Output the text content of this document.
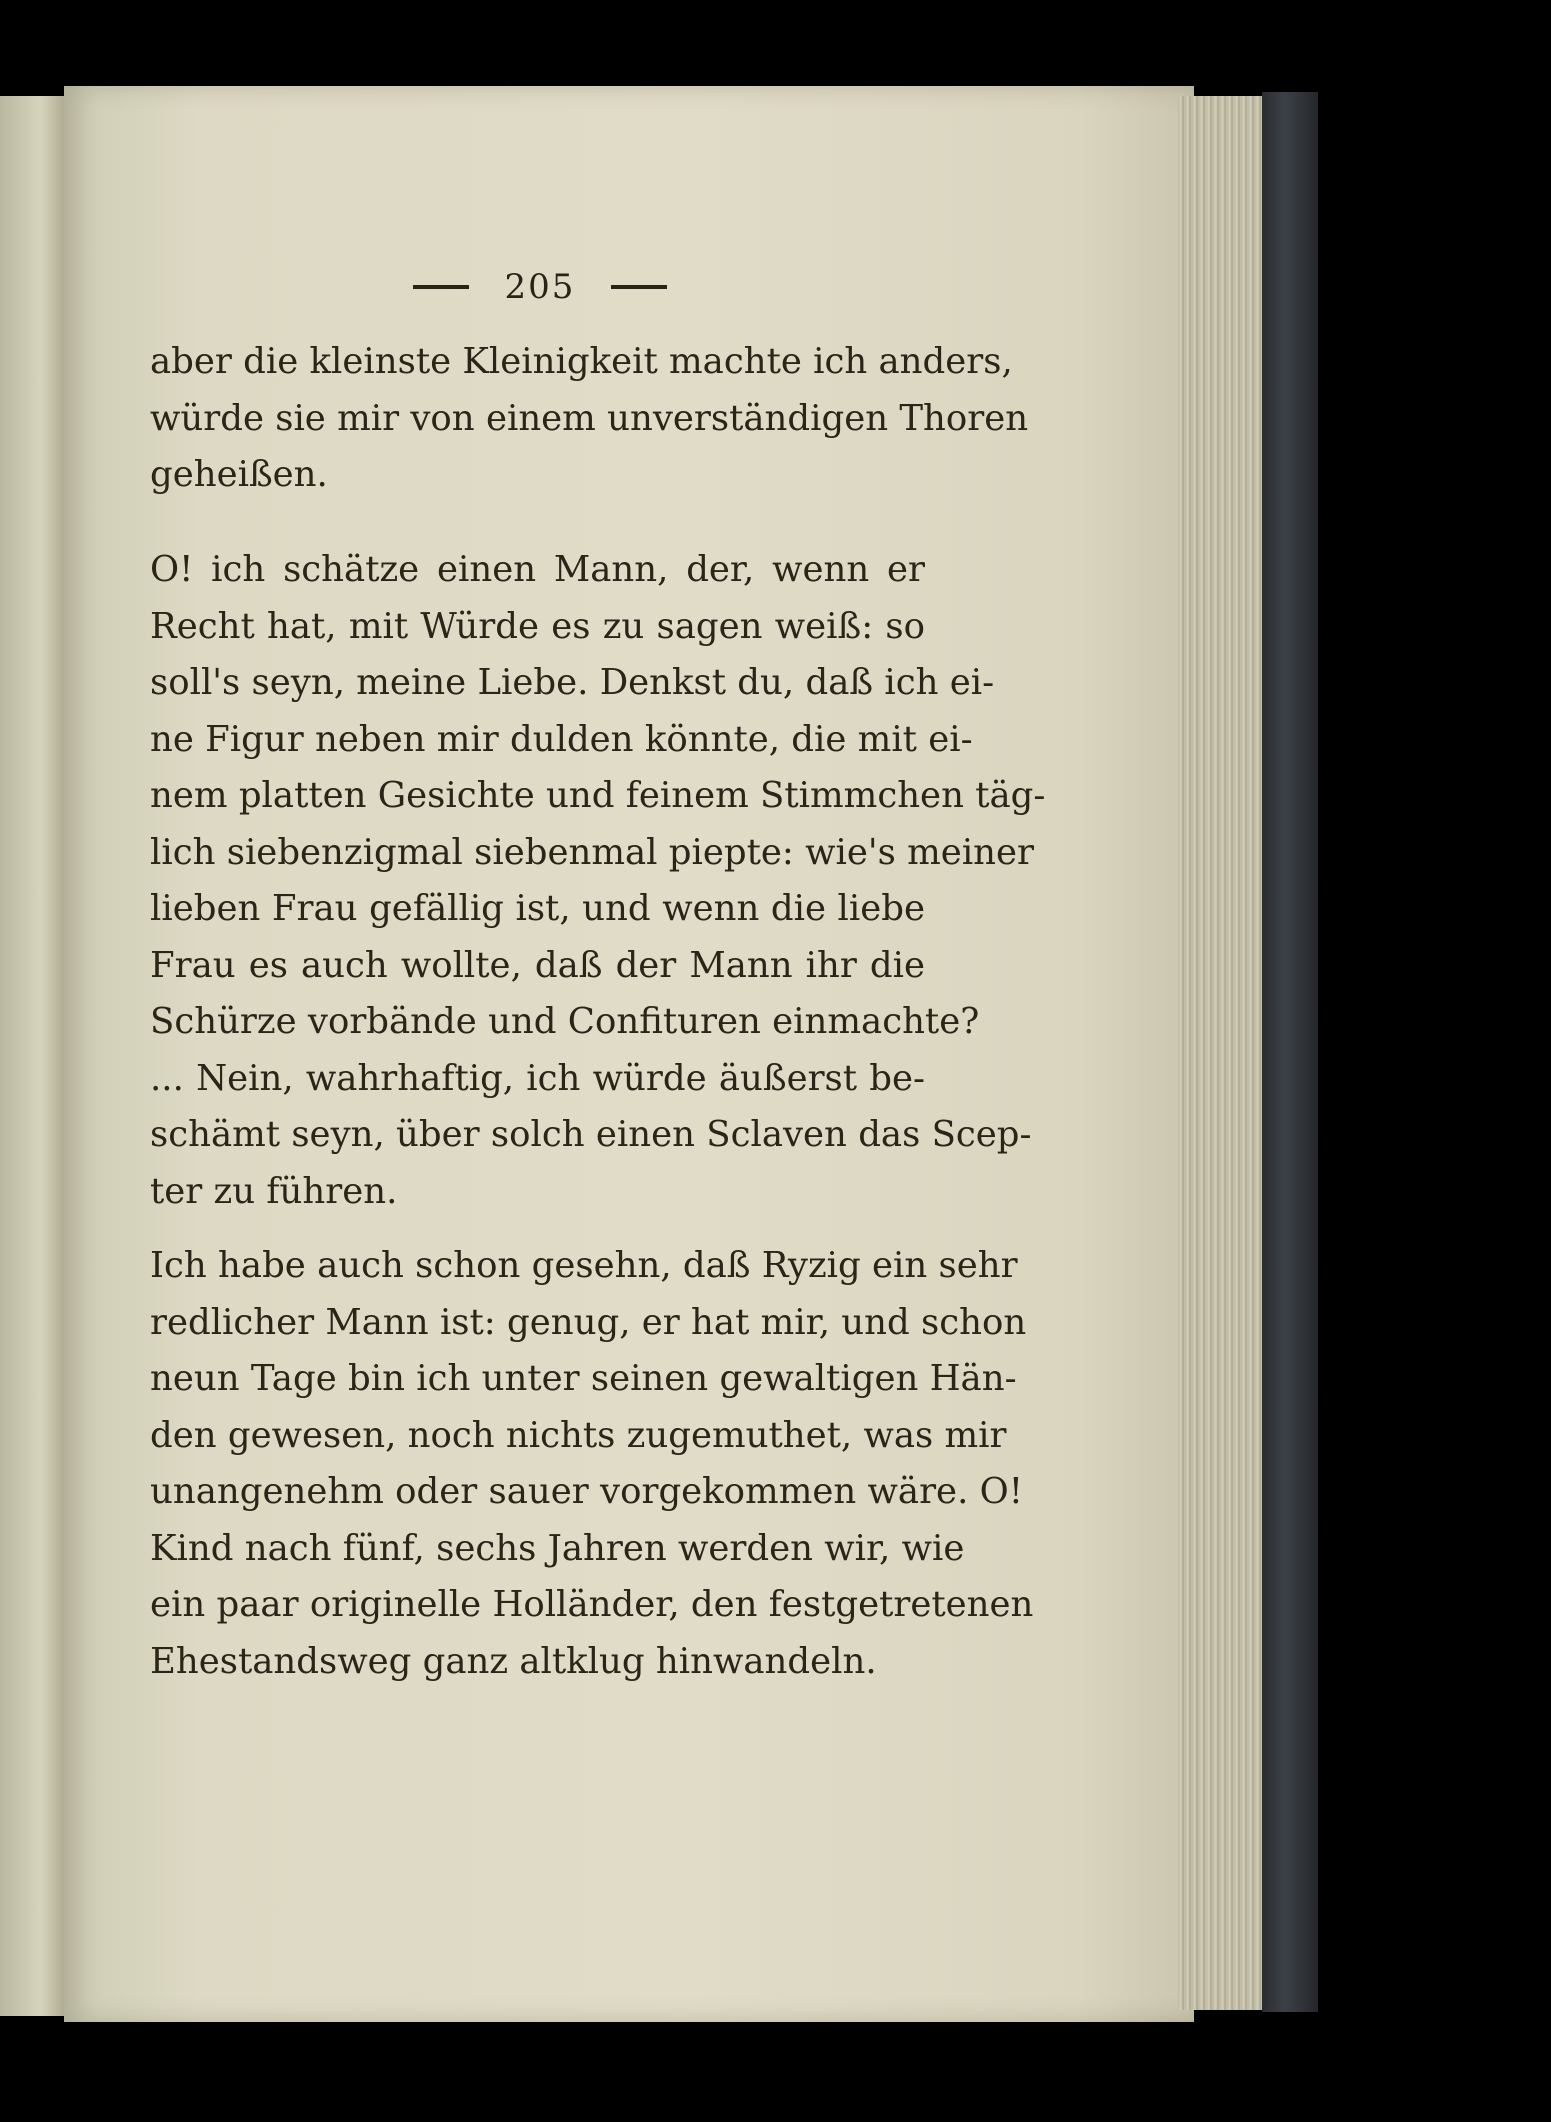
205
aber die kleinste Kleinigkeit machte ich anders,
würde sie mir von einem unverständigen Thoren
geheißen.
O! ich schätze einen Mann, der, wenn er
Recht hat, mit Würde es zu sagen weiß: so
soll's seyn, meine Liebe. Denkst du, daß ich ei-
ne Figur neben mir dulden könnte, die mit ei-
nem platten Gesichte und feinem Stimmchen täg-
lich siebenzigmal siebenmal piepte: wie's meiner
lieben Frau gefällig ist, und wenn die liebe
Frau es auch wollte, daß der Mann ihr die
Schürze vorbände und Confituren einmachte?
... Nein, wahrhaftig, ich würde äußerst be-
schämt seyn, über solch einen Sclaven das Scep-
ter zu führen.
Ich habe auch schon gesehn, daß Ryzig ein sehr
redlicher Mann ist: genug, er hat mir, und schon
neun Tage bin ich unter seinen gewaltigen Hän-
den gewesen, noch nichts zugemuthet, was mir
unangenehm oder sauer vorgekommen wäre. O!
Kind nach fünf, sechs Jahren werden wir, wie
ein paar originelle Holländer, den festgetretenen
Ehestandsweg ganz altklug hinwandeln.
